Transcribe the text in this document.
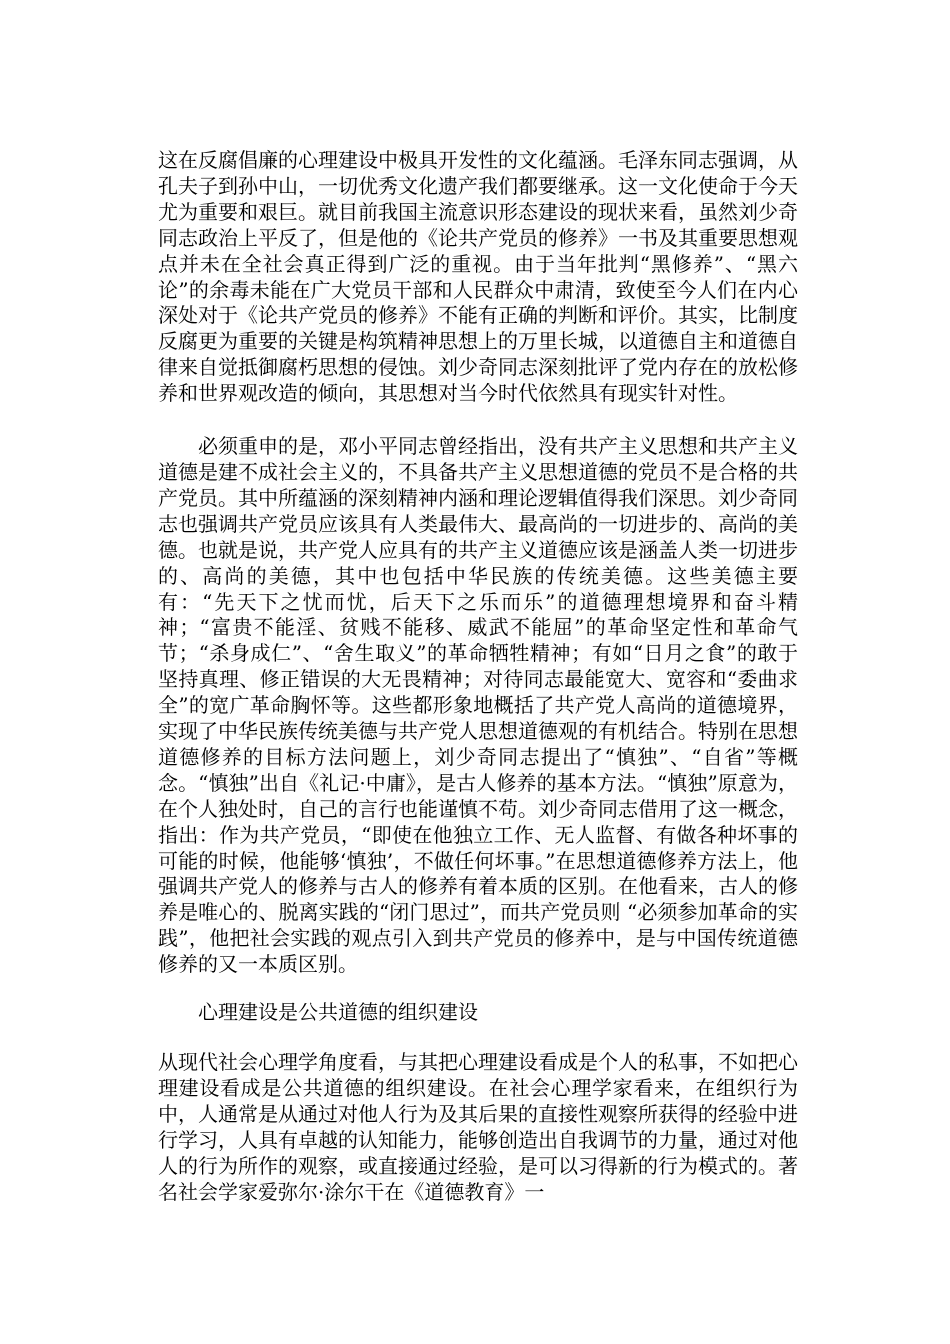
这在反腐倡廉的心理建设中极具开发性的文化蕴涵。毛泽东同志强调，从孔夫子到孙中山，一切优秀文化遗产我们都要继承。这一文化使命于今天尤为重要和艰巨。就目前我国主流意识形态建设的现状来看，虽然刘少奇同志政治上平反了，但是他的《论共产党员的修养》一书及其重要思想观点并未在全社会真正得到广泛的重视。由于当年批判“黑修养”、“黑六论”的余毒未能在广大党员干部和人民群众中肃清，致使至今人们在内心深处对于《论共产党员的修养》不能有正确的判断和评价。其实，比制度反腐更为重要的关键是构筑精神思想上的万里长城，以道德自主和道德自律来自觉抵御腐朽思想的侵蚀。刘少奇同志深刻批评了党内存在的放松修养和世界观改造的倾向，其思想对当今时代依然具有现实针对性。

必须重申的是，邓小平同志曾经指出，没有共产主义思想和共产主义道德是建不成社会主义的，不具备共产主义思想道德的党员不是合格的共产党员。其中所蕴涵的深刻精神内涵和理论逻辑值得我们深思。刘少奇同志也强调共产党员应该具有人类最伟大、最高尚的一切进步的、高尚的美德。也就是说，共产党人应具有的共产主义道德应该是涵盖人类一切进步的、高尚的美德，其中也包括中华民族的传统美德。这些美德主要有：“先天下之忧而忧，后天下之乐而乐”的道德理想境界和奋斗精神；“富贵不能淫、贫贱不能移、威武不能屈”的革命坚定性和革命气节；“杀身成仁”、“舍生取义”的革命牺牲精神；有如“日月之食”的敢于坚持真理、修正错误的大无畏精神；对待同志最能宽大、宽容和“委曲求全”的宽广革命胸怀等。这些都形象地概括了共产党人高尚的道德境界，实现了中华民族传统美德与共产党人思想道德观的有机结合。特别在思想道德修养的目标方法问题上，刘少奇同志提出了“慎独”、“自省”等概念。“慎独”出自《礼记·中庸》，是古人修养的基本方法。“慎独”原意为，在个人独处时，自己的言行也能谨慎不苟。刘少奇同志借用了这一概念，指出：作为共产党员，“即使在他独立工作、无人监督、有做各种坏事的可能的时候，他能够‘慎独’，不做任何坏事。”在思想道德修养方法上，他强调共产党人的修养与古人的修养有着本质的区别。在他看来，古人的修养是唯心的、脱离实践的“闭门思过”，而共产党员则 “必须参加革命的实践”，他把社会实践的观点引入到共产党员的修养中，是与中国传统道德修养的又一本质区别。

心理建设是公共道德的组织建设

从现代社会心理学角度看，与其把心理建设看成是个人的私事，不如把心理建设看成是公共道德的组织建设。在社会心理学家看来，在组织行为中，人通常是从通过对他人行为及其后果的直接性观察所获得的经验中进行学习，人具有卓越的认知能力，能够创造出自我调节的力量，通过对他人的行为所作的观察，或直接通过经验，是可以习得新的行为模式的。著名社会学家爱弥尔·涂尔干在《道德教育》一
